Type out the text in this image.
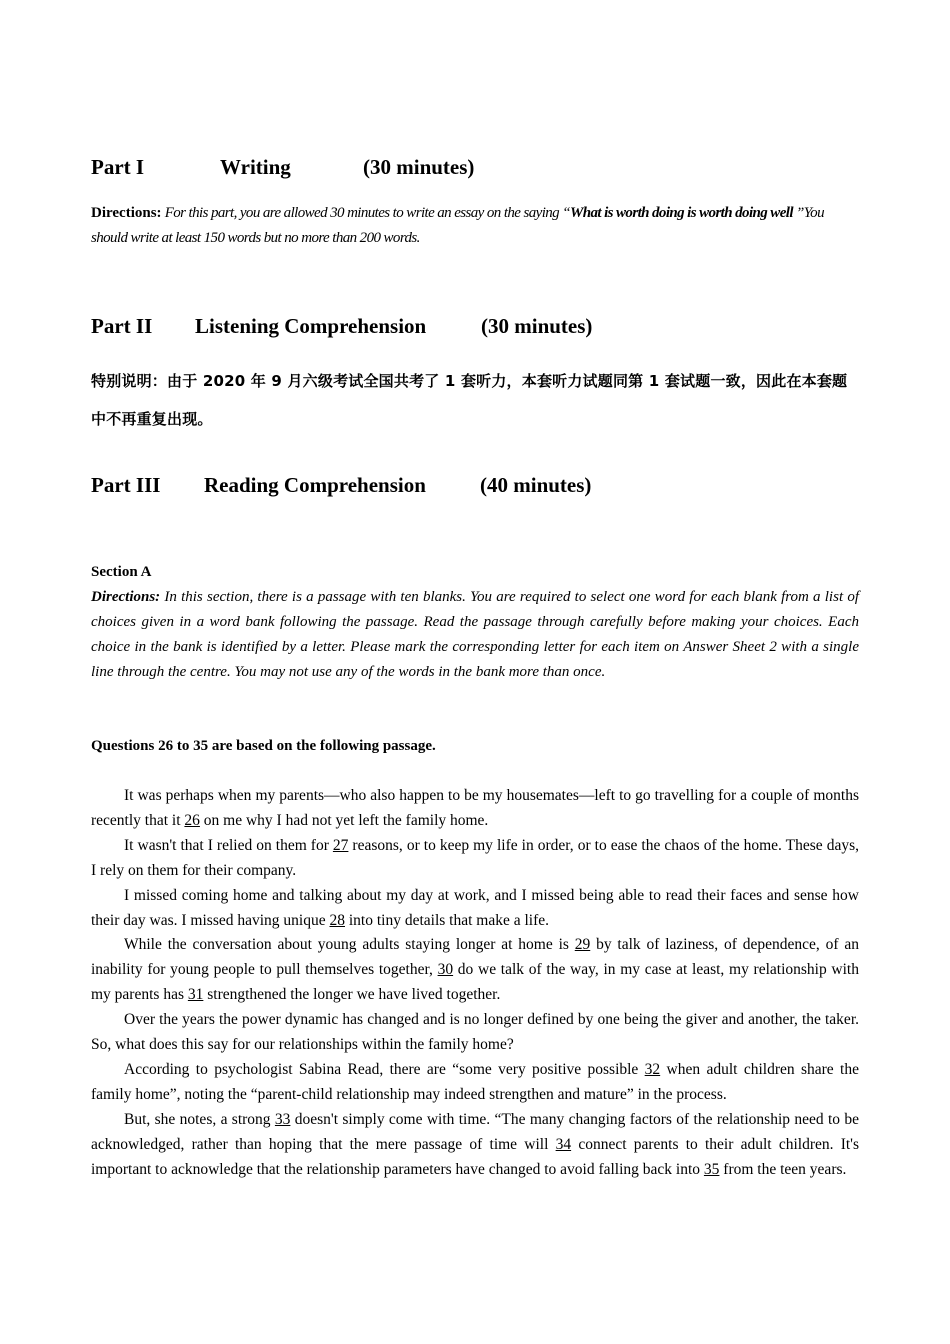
Part I	Writing	(30 minutes)
Directions: For this part, you are allowed 30 minutes to write an essay on the saying “What is worth doing is worth doing well ”You should write at least 150 words but no more than 200 words.
Part II Listening Comprehension	(30 minutes)
特别说明：由于 2020 年 9 月六级考试全国共考了 1 套听力，本套听力试题同第 1 套试题一致，因此在本套题中不再重复出现。
Part III Reading Comprehension	(40 minutes)
Section A
Directions: In this section, there is a passage with ten blanks. You are required to select one word for each blank from a list of choices given in a word bank following the passage. Read the passage through carefully before making your choices. Each choice in the bank is identified by a letter. Please mark the corresponding letter for each item on Answer Sheet 2 with a single line through the centre. You may not use any of the words in the bank more than once.
Questions 26 to 35 are based on the following passage.

It was perhaps when my parents—who also happen to be my housemates—left to go travelling for a couple of months recently that it 26 on me why I had not yet left the family home.

It wasn't that I relied on them for 27 reasons, or to keep my life in order, or to ease the chaos of the home. These days, I rely on them for their company.

I missed coming home and talking about my day at work, and I missed being able to read their faces and sense how their day was. I missed having unique 28 into tiny details that make a life.

While the conversation about young adults staying longer at home is 29 by talk of laziness, of dependence, of an inability for young people to pull themselves together, 30 do we talk of the way, in my case at least, my relationship with my parents has 31 strengthened the longer we have lived together.

Over the years the power dynamic has changed and is no longer defined by one being the giver and another, the taker. So, what does this say for our relationships within the family home?

According to psychologist Sabina Read, there are “some very positive possible 32 when adult children share the family home”, noting the “parent-child relationship may indeed strengthen and mature” in the process.

But, she notes, a strong 33 doesn't simply come with time. “The many changing factors of the relationship need to be acknowledged, rather than hoping that the mere passage of time will 34 connect parents to their adult children. It's important to acknowledge that the relationship parameters have changed to avoid falling back into 35 from the teen years.
